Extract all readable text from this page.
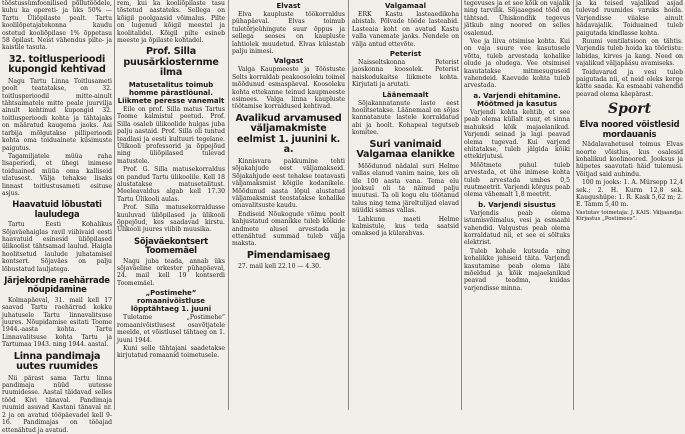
tööstussümfoonilised põllutöödele, kuhu ka opereti- ja üks 50% — Tartu Üliõpilaste pealt. Tartu koolilõpetajatekonna kaudu ostetud kooliõpilase 1% õppetasu 58 õpilast. Neist vähendus pilte- ja kaistile tasuta.

32. toitlusperioodi kupongid kehtivad

Nagu Tartu Linna Toitlusameti poolt teatatakse, on 32. toitlusperioodil mitte-ainult tähtsaimatele mitte peale juurvilja ainult kehtinud kupongid 32. toitlusperioodi kohta ja tähtajaks on määratud kaugema jaoks. Asi tarbija mõlgutakse pilliperioodi kohta oma toiduainete küsimuste paigutus.

Tagamiljatele müüa raha lisaperiodi, et ühegi inimese toiduained müüa oma kalliseid ulatusest. Välja tehakse lisaks linnast toitlustusameti esituse asjus.

Haavatuid lõbustati lauludega

Tartu Eesti Kohalikus Sõjaväehaiglas ravil viibivaid eesti haavatuid esinesid üliõpilased ülikoolist tähtsamad laulud. Haigla hoolitsetud laulude juhatamisel kontsert. Sõjaväes on palju lõbustatud lauljatega.

Järjekordne raehärrade nõupidamine

Kolmapäeval, 31. mail kell 17 saavad Tartu raehärrad kokku juhatusele Tartu linnavalitsuse juures. Nõupidamise esitati Toome 1944.-aasta kohta. Tartu Linnavalitsuse kohta Tartu ja Tartumaa 1943. ning 1944. aastal.

Linna pandimaja uutes ruumides

Nii pärast sama Tartu linna pandimaja nüüd uutesse ruumidesse. Aastal täidavad selles tööd Kivi tänaval. Pandimaja ruumid asuvad Kastani tänaval nr. 2 ja on avatud tööpäevadel kell 9-16. Pandimajas on tööajad ettenähtud ja avatud.

rem, kui ka kooliõpilaste tasu tõstetud aastateks. Sellega on kõigil poolgaasid võimalus. Pilte on lugenud kõigil meestel ja koolitalidel. Kõigil pilte esineb meeste ja õpilaste kohtadel.

Prof. Silla puusärkiosternme ilma
Matusetalitus toimub homme pärastlõunal. Liikmete peresse vanemalt

Eile on prof. Silla matus Tartus Toome kalmistul peetud. Prof. Silla osaleb ülikoolide hulgas juba palju aastaid. Prof. Silla oli tuntud teadlasi ja eesti kultuuri tegelane. Ülikooli professorid ja õppejõud ning üliõpilased tulevad matustele.

Prof. G. Silla matusekorraldus on pandud Tartu ülikoolile. Kell 18 alustatakse matusetalitust. Meeleavaldus algab kell 17.30 Tartu Ülikooli aulas.

Prof. Silla matusekorraldusse kuuluvad üliõpilased ja ülikooli õppejõud, kes saadavad kirstu. Ülikooli juures viibib muusika.

Sõjaväekontsert Toomemäel

Nagu juba teada, annab üks sõjaväeline orkester pühapäeval, 24. mail kell 19 kontserdi Toomemäel.

„Postimehe” romaanivõistluse lõpptähtaeg 1. juuni

Tuletame „Postimehe” romaanivõistlusest osavõtjatele meelde, et võistlusel tähtaeg on 1. juuni 1944.

Kuni selle tähtajani saadetakse kirjutatud romaanid toimetusele.

Elvast

Elva kaupluste töökorraldus pühapäeval. Elvas toimub tuletõrjeühingute suur õppus ja sellega seoses on kaupluste lahtiolek muudetud. Elvas külastab palju inimesi.

Valgast

Valga Kaupmeeste ja Tööstuste Selts korraldab peakoosoleku toimel mõõdunud esmaspäeval. Koosoleku kohta ettekanne teinud kaupmeeste esimees. Valga linna kaupluste töötamise korraldused kehtivad.

Avalikud arvamused väljamakmiste eelmist 1. juunini k. a.

Kinnisvara pakkumine tehti sõjakahjude eest väljamakseid. Sõjakahjude eest tehakse teatavasti väljamaksmist kõigile kodanikele. Mõõdunud aasta lõpul alustatud väljamaksmist teostatakse kohalike omavalitsuste kaudu.

Endiseid Nõukogude võimu poolt kahjustatud omanikke tuleb kõikide andmete alusel arvestada ja ettenähtud summad tuleb välja maksta.

Pimendamisaeg

27. mail kell 22.10 — 4.30.

Valgamaal

ERK Kastu lasteaedikoha abistab. Põlvade tööde lasteabid. Lasteaia koht on avatud Kastu valla vanemate jaoks. Nendele on välja antud ettevõte.

Peterist

Naisseltskonna Peterist jaoskonna koosolek. Peterist naiskodukaitse liikmete kohta. Kirjutati ja arutati.

Läänemaalt

Sõjakannatanute laste eest hoolitsetakse. Läänemaal on sõjas kannatanute lastele korraldatud abi ja hoolt. Kohapeal tegutseb komitee.

Suri vanimaid Valgamaa elanikke

Mõõdunud nädalal suri Helme vallas elanud vanim naine, kes oli üle 100 aasta vana. Tema elu jooksul oli ta näinud palju muutusi. Ta oli kogu elu töötanud talus ning tema järeltulijad elavad nüüdki samas vallas.

Lahkunu maeti Helme kalmistule, kus teda saatsid omaksed ja külarahvas.

tegevuses ja et see kõik on vajalik ning tarvilik. Sõjaaegsed tööd on tähtsad. Ühiskondlik tegevus jätkub ning noored on selles osalenud.

Vee ja liiva otsimise kohta. Kui on vaja suure vee kasutusele võtta, tuleb arvestada kohalike olude ja oludega. Vee otsimisel kasutatakse mitmesuguseid vahendeid. Kaevude kohta tuleb arvestada.

a. Varjendi ehitamine. Mõõtmed ja kasutus

Varjendi kohta kehtib, et see peab olema küllalt suur, et sinna mahuksid kõik majaelanikud. Varjendi seinad ja lagi peavad olema tugevad. Kui varjend ehitatakse, tuleb jälgida kõiki ettekirjutusi.

Mõõtmete puhul tuleb arvestada, et ühe inimese kohta tuleb arvestada umbes 0,5 ruutmeetrit. Varjendi kõrgus peab olema vähemalt 1,8 meetrit.

b. Varjendi sisustus

Varjendis peab olema istumisvõimalus, vesi ja esmaabi vahendid. Valgustus peab olema korraldatud nii, et see ei sõltuks elektrist.

Tuleb kohale kutsuda ning kohalikke juhiseid täita. Varjendi kasutamine peab olema läbi mõeldud ja kõik majaelanikud peavad teadma, kuidas varjendisse minna.

ja ka teised vajalikud asjad tulevad ruumides varuks hoida. Varjendisse viiakse ainult hädavajalik. Toiduained tuleb paigutada kindlasse kohta.

Ruumi ventilatsioon on tähtis. Varjendis tuleb hoida ka tööriistu: labidas, kirves ja kang. Need on vajalikud väljapääsu avamiseks.

Toiduvarud ja vesi tuleb paigutada nii, et neid oleks kerge kätte saada. Ka esmaabi vahendid peavad olema käepärast.

Sport
Elva noored võistlesid mordauanis

Nädalavahetusel toimus Elvas noorte võistlus, kus osalesid kohalikud koolinoored. Jooksus ja hüpetes saavutati häid tulemusi. Võitjad said auhindu.

100 m jooks: 1. A. Mürsepp 12,4 sek.; 2. H. Kurm 12,8 sek. Kaugushüpe: 1. R. Kask 5,62 m; 2. E. Tamm 5,40 m.

Vastutav toimetaja: J. KAIS. Väljaandja: Kirjastus „Postimees”.
